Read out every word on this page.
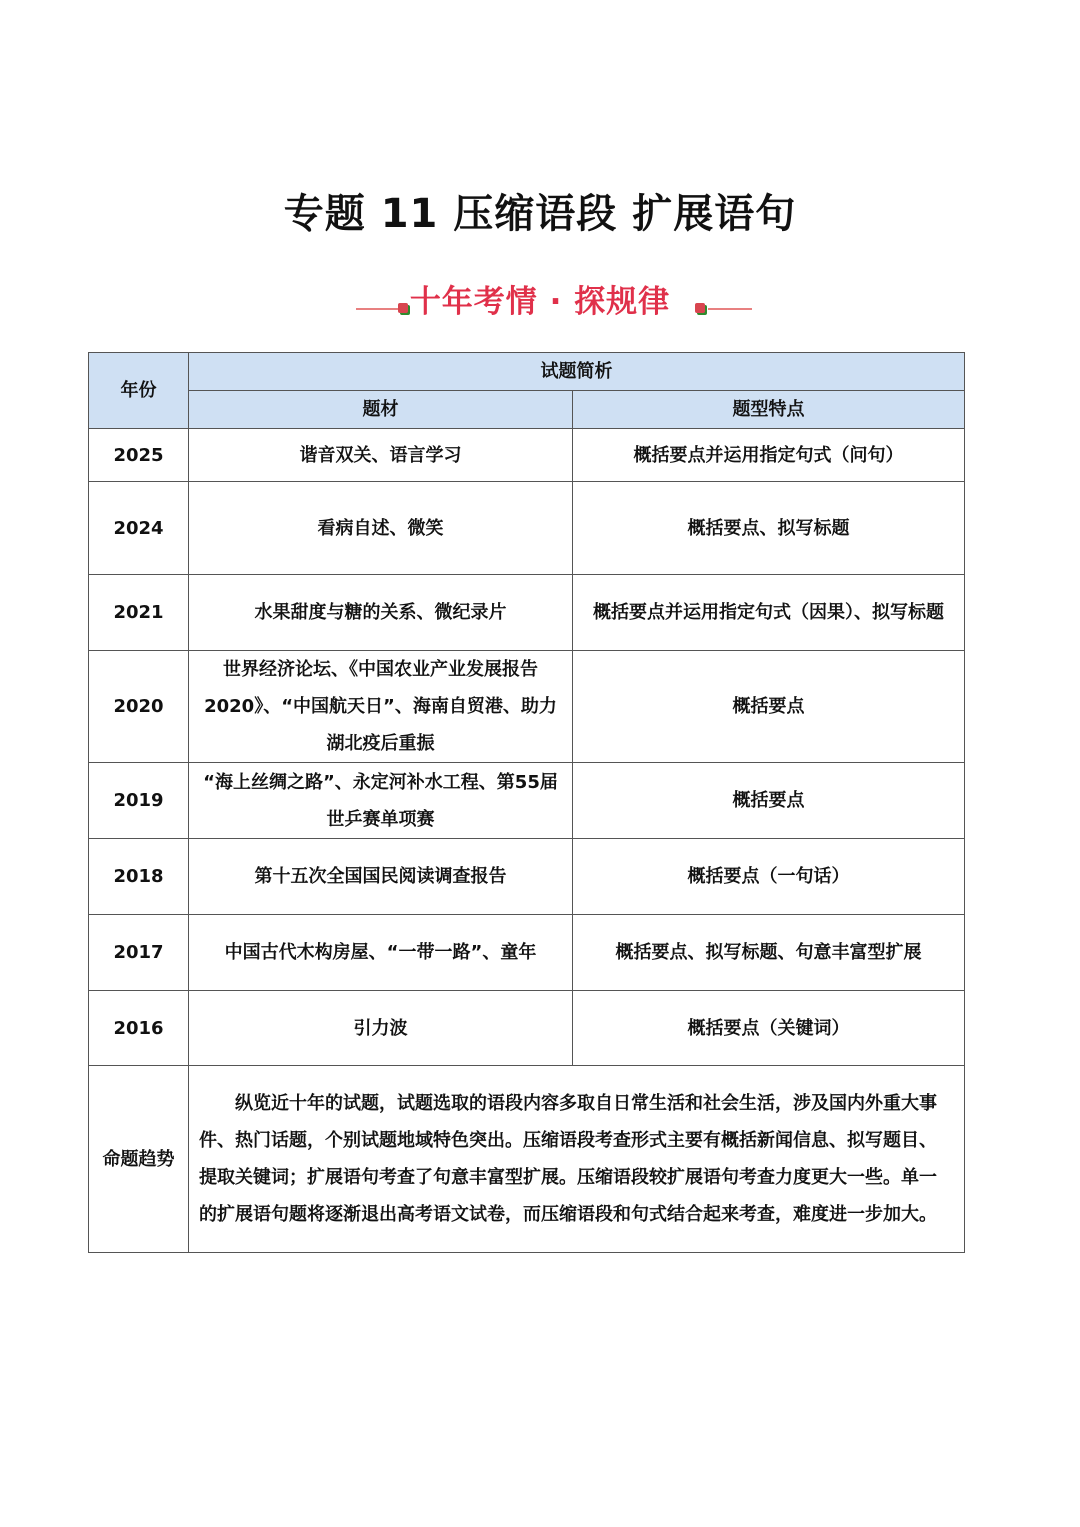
专题 11 压缩语段 扩展语句
十年考情 · 探规律
年份	试题简析	
	题材	题型特点
2025	谐音双关、语言学习	概括要点并运用指定句式（问句）
2024	看病自述、微笑	概括要点、拟写标题
2021	水果甜度与糖的关系、微纪录片	概括要点并运用指定句式（因果）、拟写标题
2020	世界经济论坛、《中国农业产业发展报告2020》、“中国航天日”、海南自贸港、助力湖北疫后重振	概括要点
2019	“海上丝绸之路”、永定河补水工程、第55届世乒赛单项赛	概括要点
2018	第十五次全国国民阅读调查报告	概括要点（一句话）
2017	中国古代木构房屋、“一带一路”、童年	概括要点、拟写标题、句意丰富型扩展
2016	引力波	概括要点（关键词）
命题趋势	纵览近十年的试题，试题选取的语段内容多取自日常生活和社会生活，涉及国内外重大事件、热门话题，个别试题地域特色突出。压缩语段考查形式主要有概括新闻信息、拟写题目、提取关键词；扩展语句考查了句意丰富型扩展。压缩语段较扩展语句考查力度更大一些。单一的扩展语句题将逐渐退出高考语文试卷，而压缩语段和句式结合起来考查，难度进一步加大。	
